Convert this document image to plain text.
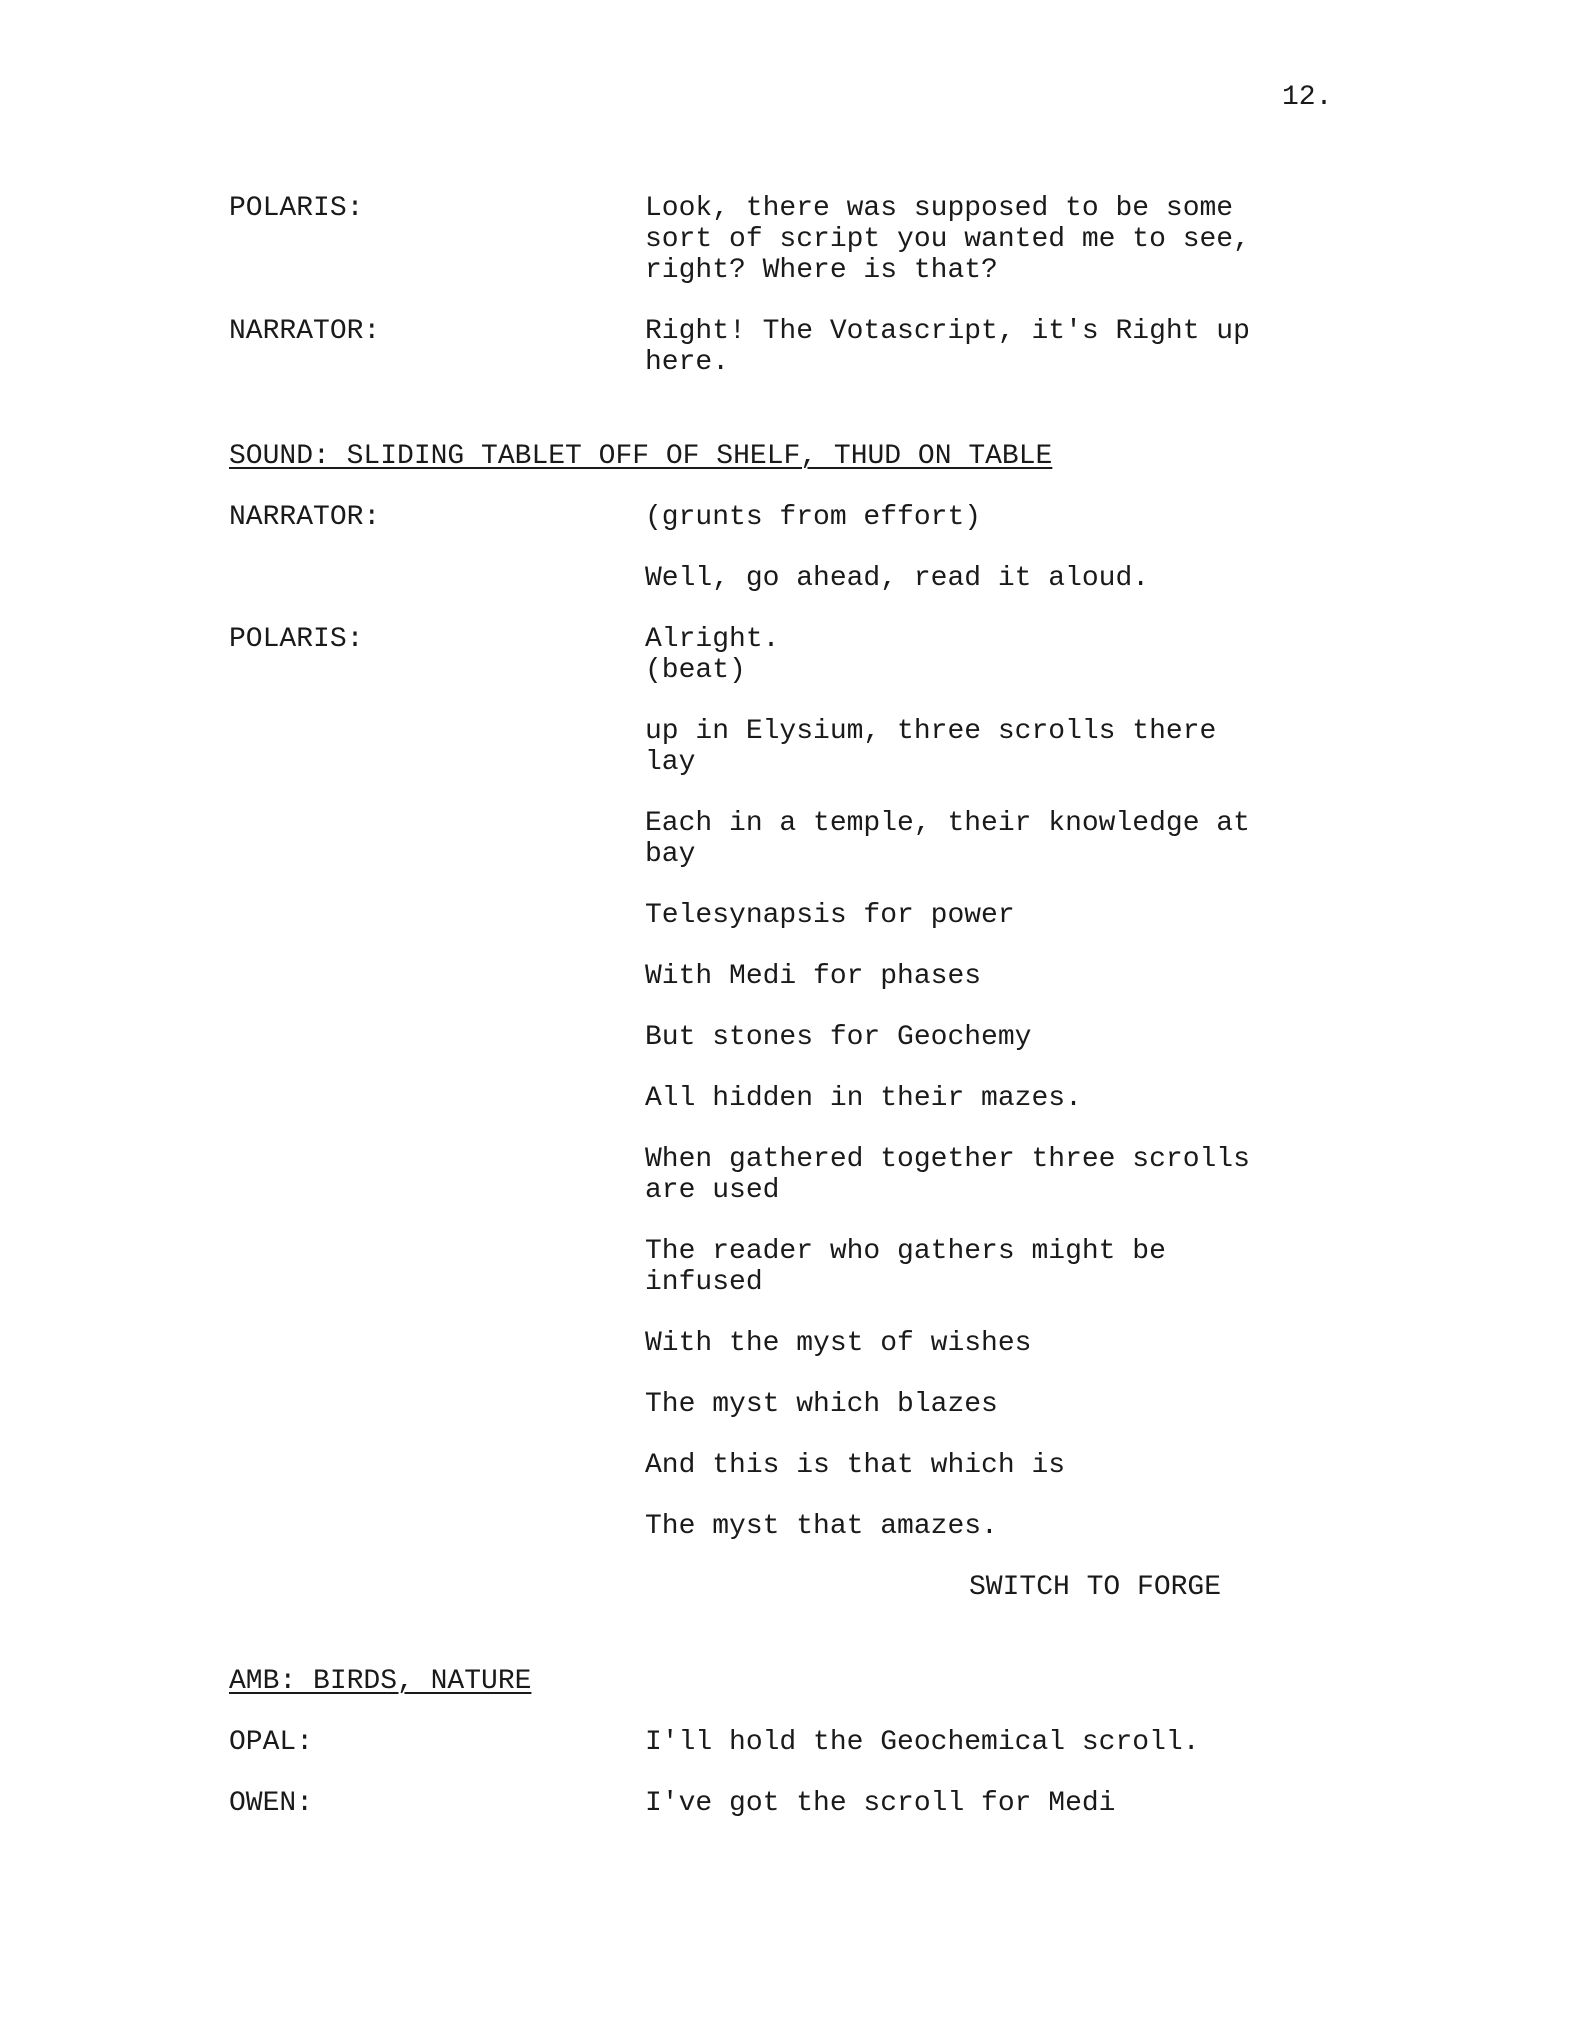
12.
POLARIS:	Look, there was supposed to be some
sort of script you wanted me to see,
right? Where is that?
NARRATOR:	Right! The Votascript, it's Right up
here.
SOUND: SLIDING TABLET OFF OF SHELF, THUD ON TABLE
NARRATOR:	(grunts from effort)
Well, go ahead, read it aloud.
POLARIS:	Alright.
(beat)
up in Elysium, three scrolls there
lay
Each in a temple, their knowledge at
bay
Telesynapsis for power
With Medi for phases
But stones for Geochemy
All hidden in their mazes.
When gathered together three scrolls
are used
The reader who gathers might be
infused
With the myst of wishes
The myst which blazes
And this is that which is
The myst that amazes.
SWITCH TO FORGE
AMB: BIRDS, NATURE
OPAL:	I'll hold the Geochemical scroll.
OWEN:	I've got the scroll for Medi
